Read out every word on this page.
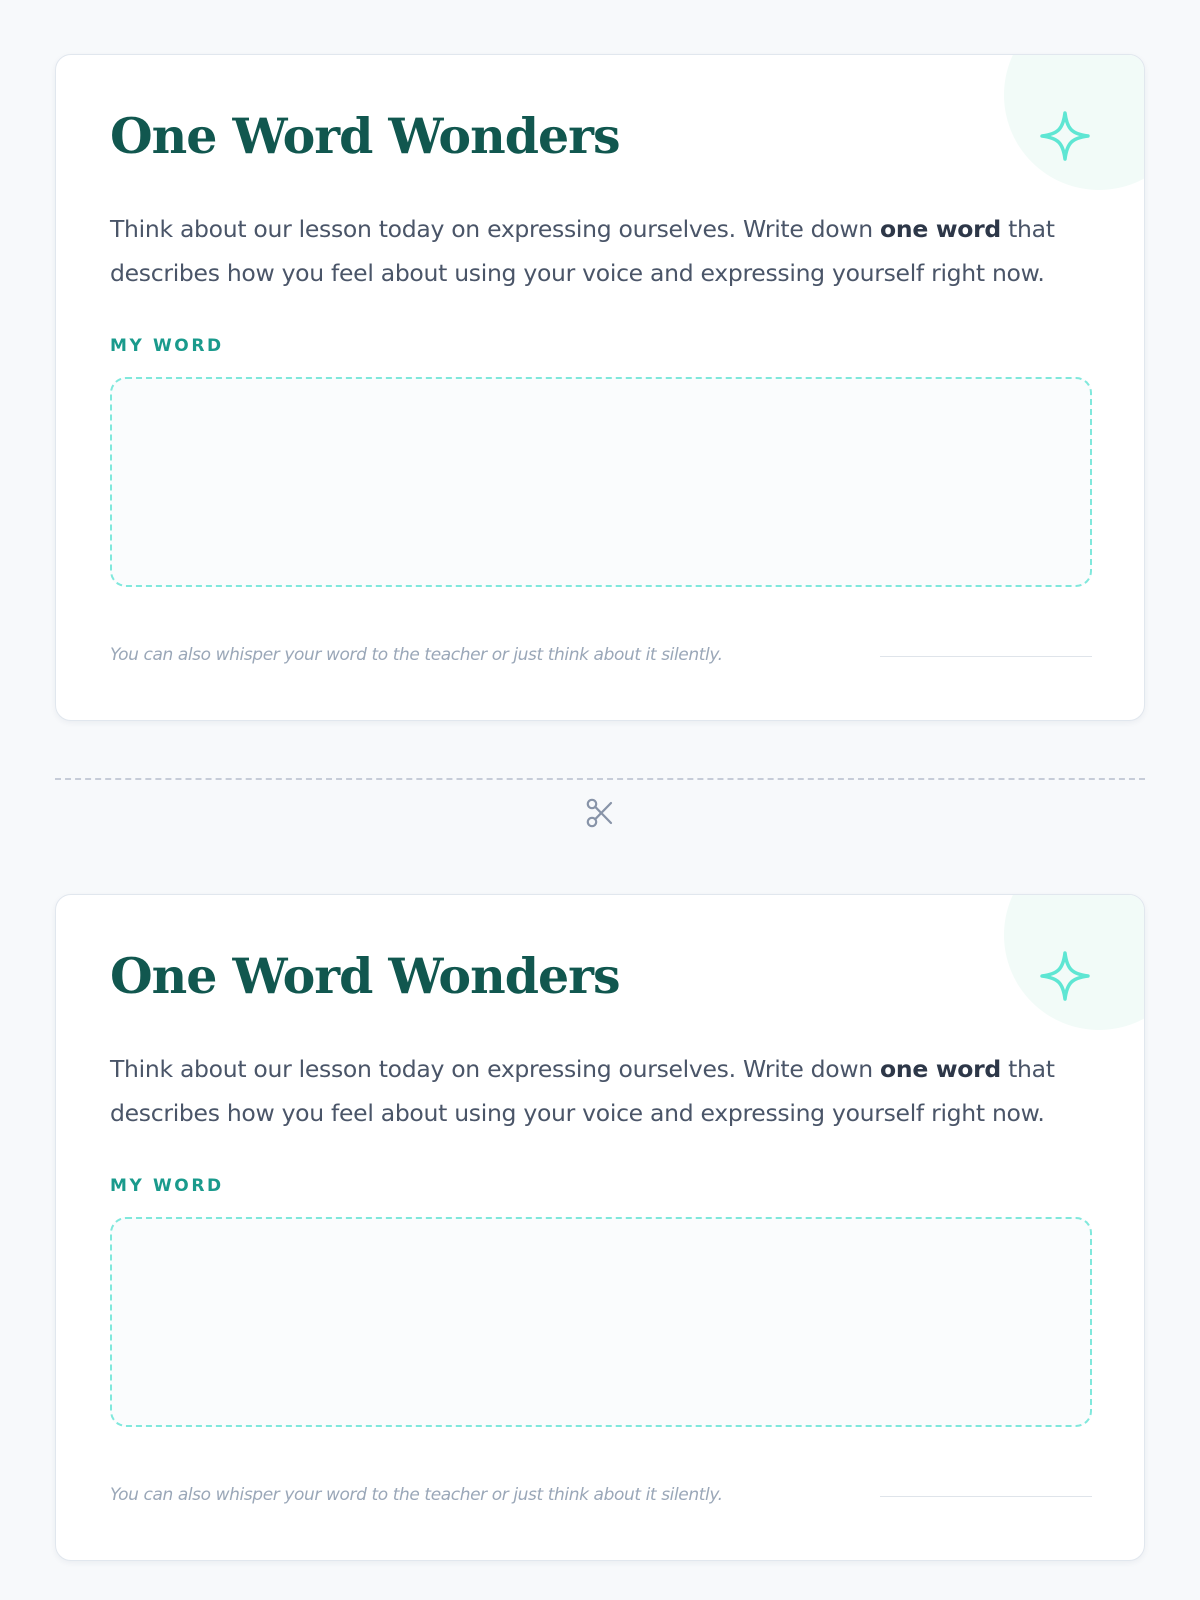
One Word Wonders

Think about our lesson today on expressing ourselves. Write down one word that describes how you feel about using your voice and expressing yourself right now.

MY WORD
You can also whisper your word to the teacher or just think about it silently.
One Word Wonders

Think about our lesson today on expressing ourselves. Write down one word that describes how you feel about using your voice and expressing yourself right now.

MY WORD
You can also whisper your word to the teacher or just think about it silently.
